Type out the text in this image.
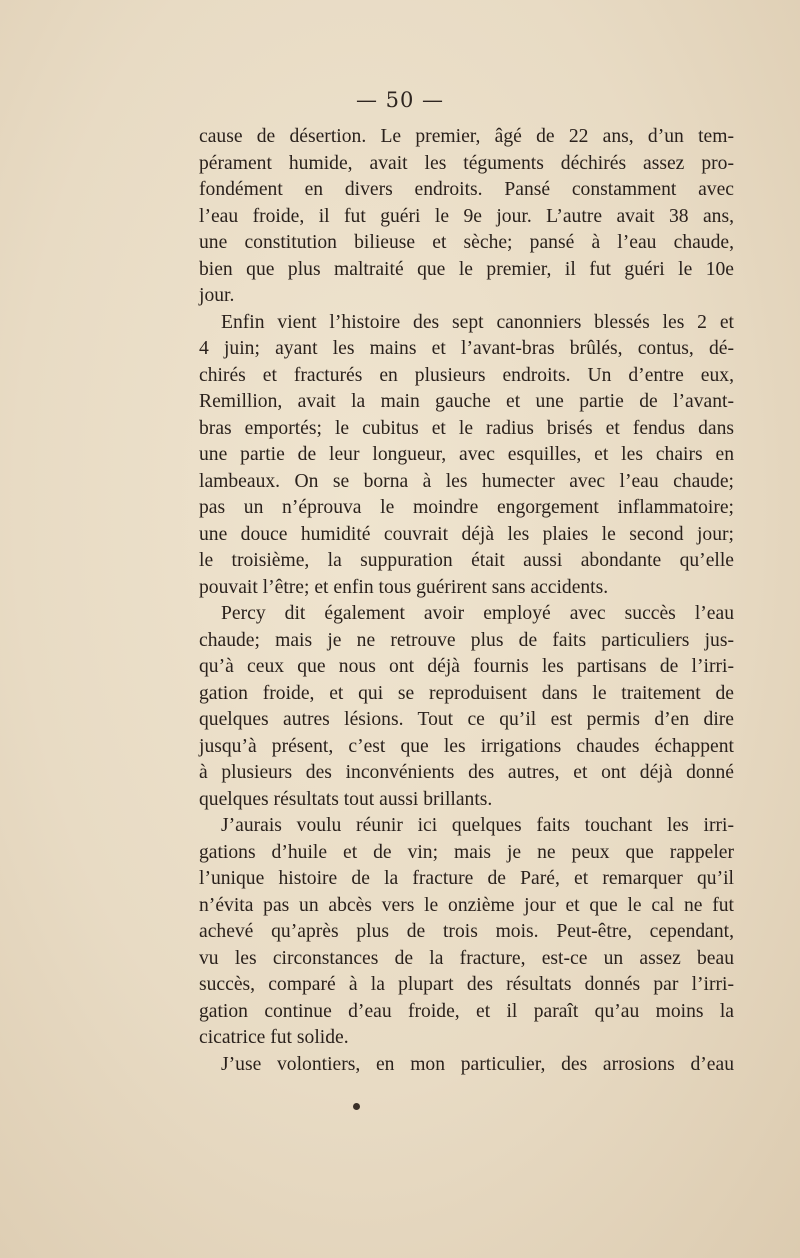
— 50 —
cause de désertion. Le premier, âgé de 22 ans, d’un tem-
pérament humide, avait les téguments déchirés assez pro-
fondément en divers endroits. Pansé constamment avec
l’eau froide, il fut guéri le 9e jour. L’autre avait 38 ans,
une constitution bilieuse et sèche; pansé à l’eau chaude,
bien que plus maltraité que le premier, il fut guéri le 10e
jour.
Enfin vient l’histoire des sept canonniers blessés les 2 et
4 juin; ayant les mains et l’avant-bras brûlés, contus, dé-
chirés et fracturés en plusieurs endroits. Un d’entre eux,
Remillion, avait la main gauche et une partie de l’avant-
bras emportés; le cubitus et le radius brisés et fendus dans
une partie de leur longueur, avec esquilles, et les chairs en
lambeaux. On se borna à les humecter avec l’eau chaude;
pas un n’éprouva le moindre engorgement inflammatoire;
une douce humidité couvrait déjà les plaies le second jour;
le troisième, la suppuration était aussi abondante qu’elle
pouvait l’être; et enfin tous guérirent sans accidents.
Percy dit également avoir employé avec succès l’eau
chaude; mais je ne retrouve plus de faits particuliers jus-
qu’à ceux que nous ont déjà fournis les partisans de l’irri-
gation froide, et qui se reproduisent dans le traitement de
quelques autres lésions. Tout ce qu’il est permis d’en dire
jusqu’à présent, c’est que les irrigations chaudes échappent
à plusieurs des inconvénients des autres, et ont déjà donné
quelques résultats tout aussi brillants.
J’aurais voulu réunir ici quelques faits touchant les irri-
gations d’huile et de vin; mais je ne peux que rappeler
l’unique histoire de la fracture de Paré, et remarquer qu’il
n’évita pas un abcès vers le onzième jour et que le cal ne fut
achevé qu’après plus de trois mois. Peut-être, cependant,
vu les circonstances de la fracture, est-ce un assez beau
succès, comparé à la plupart des résultats donnés par l’irri-
gation continue d’eau froide, et il paraît qu’au moins la
cicatrice fut solide.
J’use volontiers, en mon particulier, des arrosions d’eau
